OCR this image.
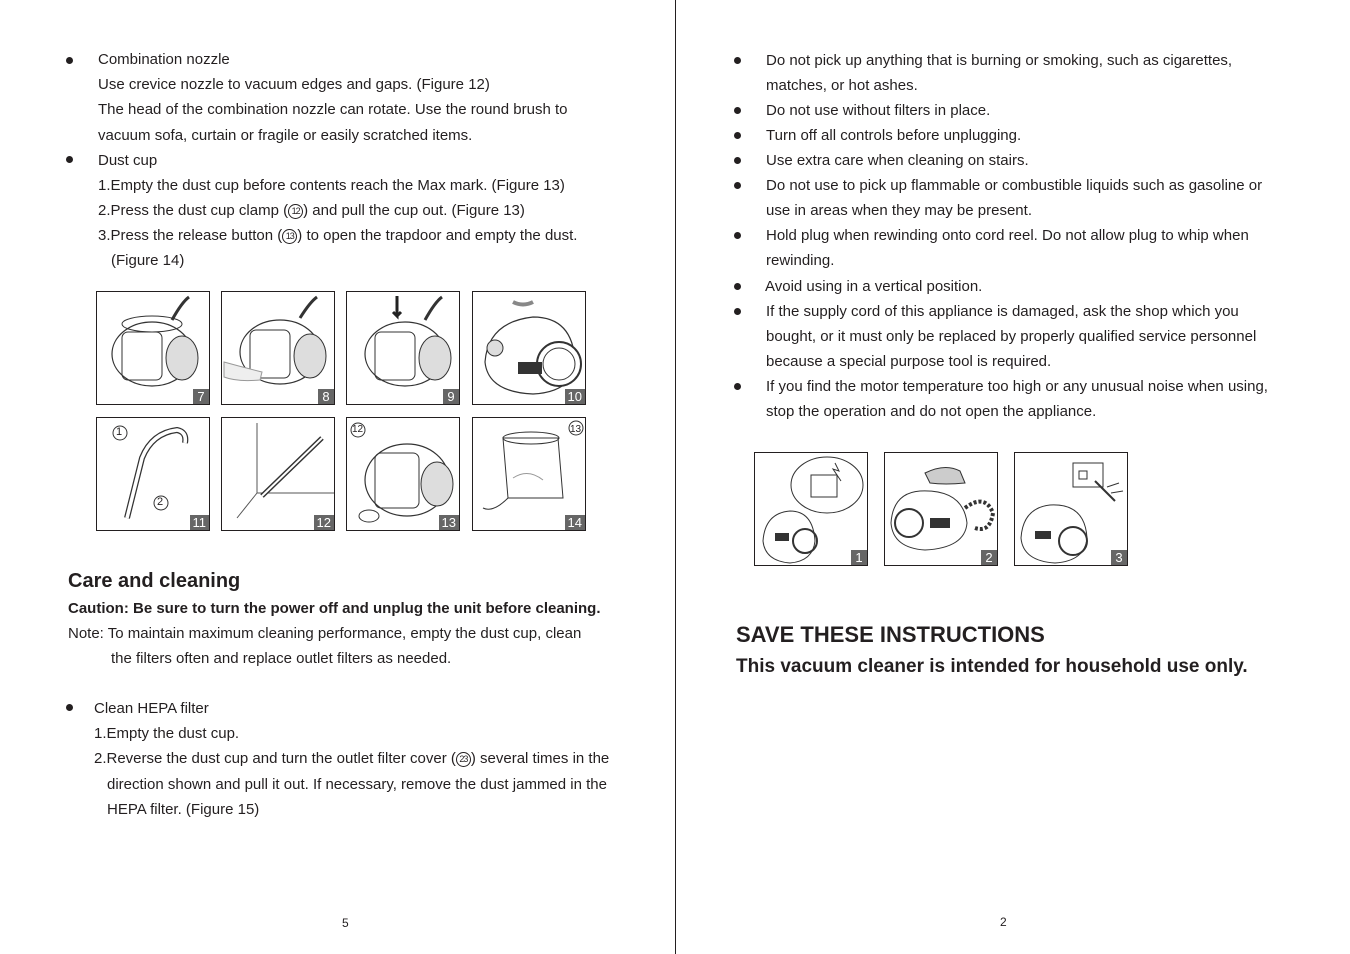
Combination nozzle
Use crevice nozzle to vacuum edges and gaps. (Figure 12)
The head of the combination nozzle can rotate. Use the round brush to
vacuum sofa, curtain or fragile or easily scratched items.
Dust cup
1.Empty the dust cup before contents reach the Max mark. (Figure 13)
2.Press the dust cup clamp ( 12 ) and pull the cup out. (Figure 13)
3.Press the release button ( 13 ) to open the trapdoor and empty the dust.
(Figure 14)
7	8	9	10
1
2
11	12
12
13
13
14
Care and cleaning
Caution: Be sure to turn the power off and unplug the unit before cleaning.
Note: To maintain maximum cleaning performance, empty the dust cup, clean
the filters often and replace outlet filters as needed.
Clean HEPA filter
1.Empty the dust cup.
2.Reverse the dust cup and turn the outlet filter cover ( 23 ) several times in the
direction shown and pull it out. If necessary, remove the dust jammed in the
HEPA filter. (Figure 15)
5
Do not pick up anything that is burning or smoking, such as cigarettes,
matches, or hot ashes.
Do not use without filters in place.
Turn off all controls before unplugging.
Use extra care when cleaning on stairs.
Do not use to pick up flammable or combustible liquids such as gasoline or
use in areas when they may be present.
Hold plug when rewinding onto cord reel. Do not allow plug to whip when
rewinding.
Avoid using in a vertical position.
If the supply cord of this appliance is damaged, ask the shop which you
bought, or it must only be replaced by properly qualified service personnel
because a special purpose tool is required.
If you find the motor temperature too high or any unusual noise when using,
stop the operation and do not open the appliance.
1	2	3
SAVE THESE INSTRUCTIONS
This vacuum cleaner is intended for household use only.
2
